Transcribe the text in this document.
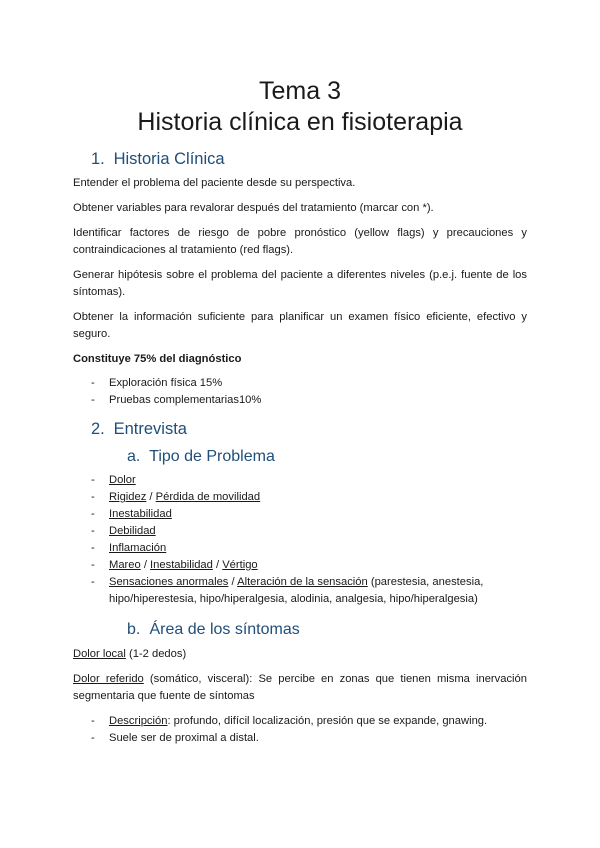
Tema 3
Historia clínica en fisioterapia
1. Historia Clínica

Entender el problema del paciente desde su perspectiva.

Obtener variables para revalorar después del tratamiento (marcar con *).

Identificar factores de riesgo de pobre pronóstico (yellow flags) y precauciones y contraindicaciones al tratamiento (red flags).

Generar hipótesis sobre el problema del paciente a diferentes niveles (p.e.j. fuente de los síntomas).

Obtener la información suficiente para planificar un examen físico eficiente, efectivo y seguro.

Constituye 75% del diagnóstico

- Exploración física 15%
- Pruebas complementarias10%
2. Entrevista
a. Tipo de Problema
- Dolor
- Rigidez / Pérdida de movilidad
- Inestabilidad
- Debilidad
- Inflamación
- Mareo / Inestabilidad / Vértigo
- Sensaciones anormales / Alteración de la sensación (parestesia, anestesia, hipo/hiperestesia, hipo/hiperalgesia, alodinia, analgesia, hipo/hiperalgesia)
b. Área de los síntomas

Dolor local (1-2 dedos)

Dolor referido (somático, visceral): Se percibe en zonas que tienen misma inervación segmentaria que fuente de síntomas

- Descripción: profundo, difícil localización, presión que se expande, gnawing.
- Suele ser de proximal a distal.
